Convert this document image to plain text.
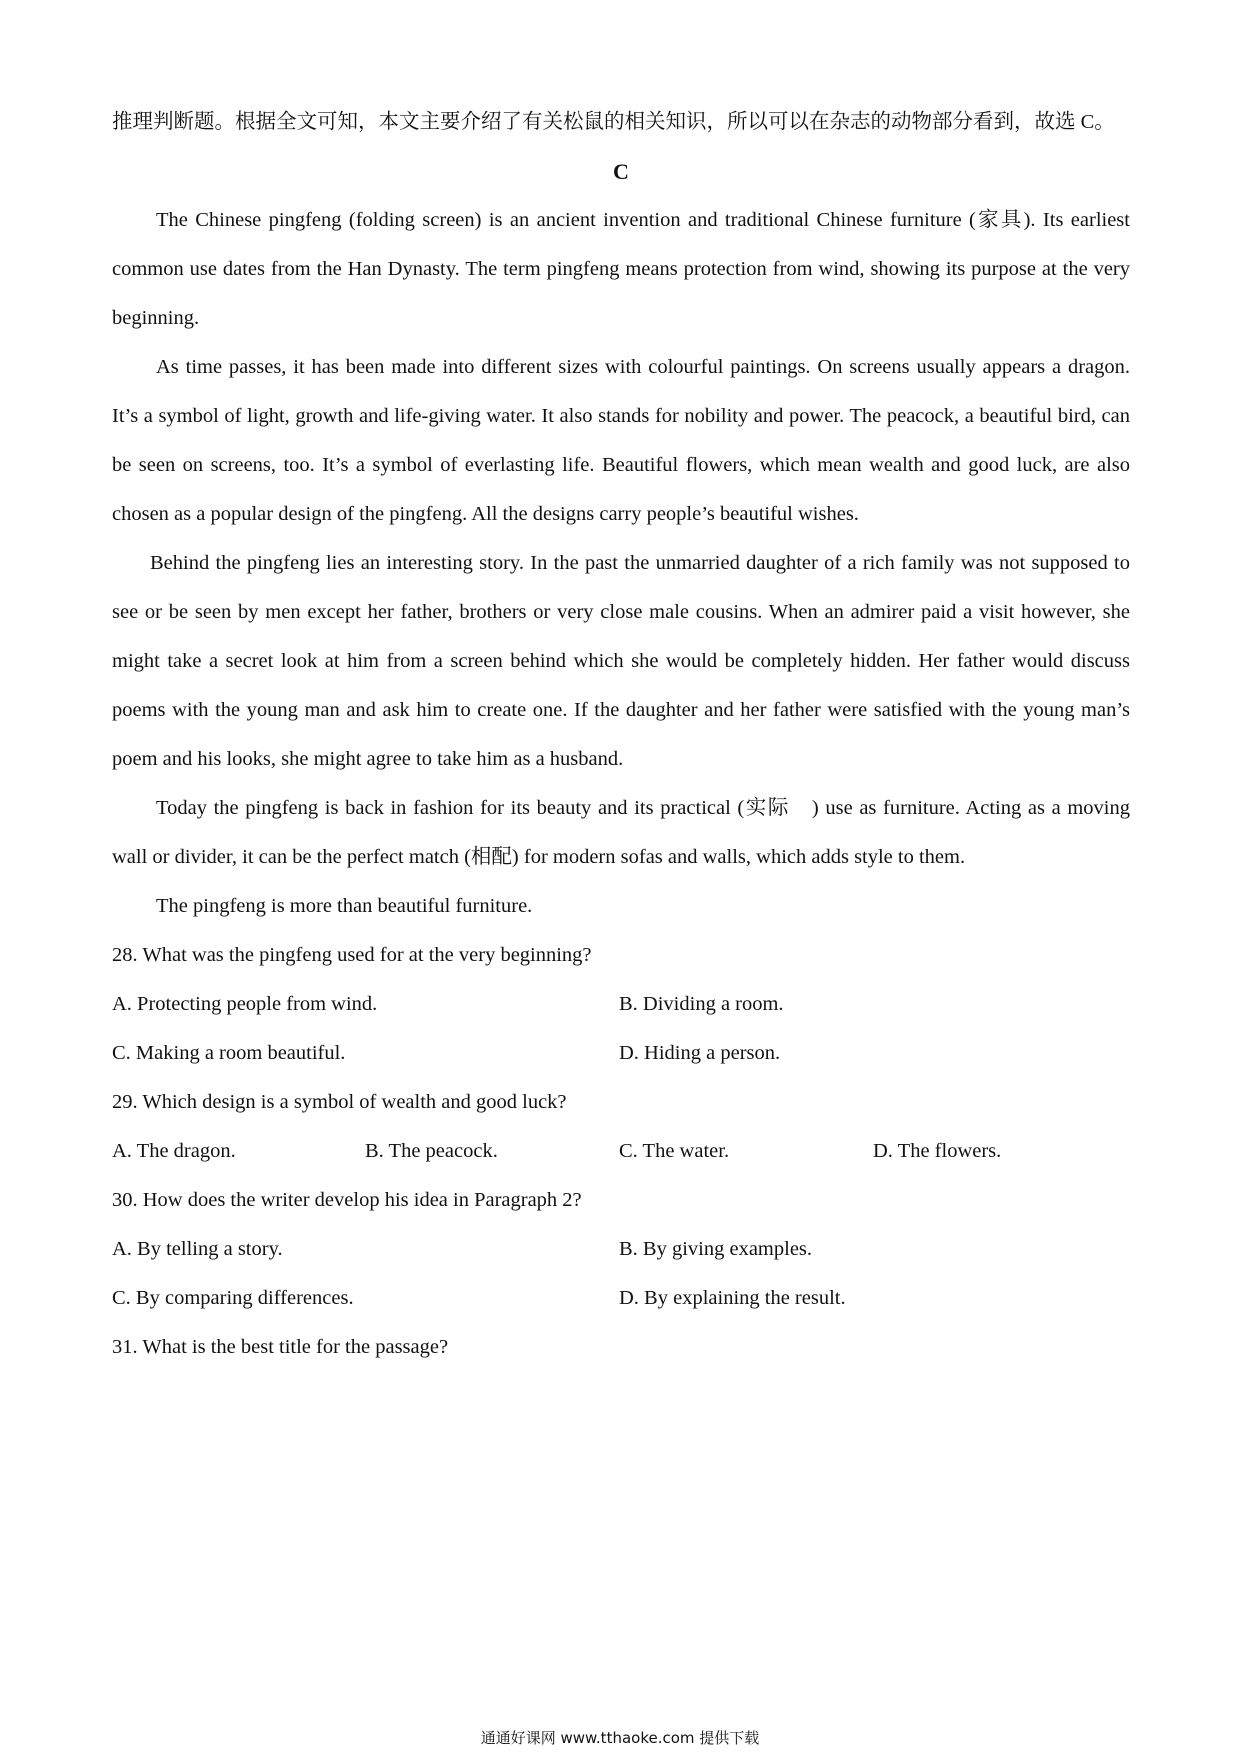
推理判断题。根据全文可知，本文主要介绍了有关松鼠的相关知识，所以可以在杂志的动物部分看到，故选 C。
C

The Chinese pingfeng (folding screen) is an ancient invention and traditional Chinese furniture (家具). Its earliest common use dates from the Han Dynasty. The term pingfeng means protection from wind, showing its purpose at the very beginning.

As time passes, it has been made into different sizes with colourful paintings. On screens usually appears a dragon. It’s a symbol of light, growth and life-giving water. It also stands for nobility and power. The peacock, a beautiful bird, can be seen on screens, too. It’s a symbol of everlasting life. Beautiful flowers, which mean wealth and good luck, are also chosen as a popular design of the pingfeng. All the designs carry people’s beautiful wishes.

Behind the pingfeng lies an interesting story. In the past the unmarried daughter of a rich family was not supposed to see or be seen by men except her father, brothers or very close male cousins. When an admirer paid a visit however, she might take a secret look at him from a screen behind which she would be completely hidden. Her father would discuss poems with the young man and ask him to create one. If the daughter and her father were satisfied with the young man’s poem and his looks, she might agree to take him as a husband.

Today the pingfeng is back in fashion for its beauty and its practical (实际　) use as furniture. Acting as a moving wall or divider, it can be the perfect match (相配) for modern sofas and walls, which adds style to them.

The pingfeng is more than beautiful furniture.

28. What was the pingfeng used for at the very beginning?
A. Protecting people from wind.	B. Dividing a room.
C. Making a room beautiful.	D. Hiding a person.
29. Which design is a symbol of wealth and good luck?
A. The dragon.	B. The peacock.	C. The water.	D. The flowers.
30. How does the writer develop his idea in Paragraph 2?
A. By telling a story.	B. By giving examples.
C. By comparing differences.	D. By explaining the result.
31. What is the best title for the passage?
通通好课网 www.tthaoke.com 提供下载
